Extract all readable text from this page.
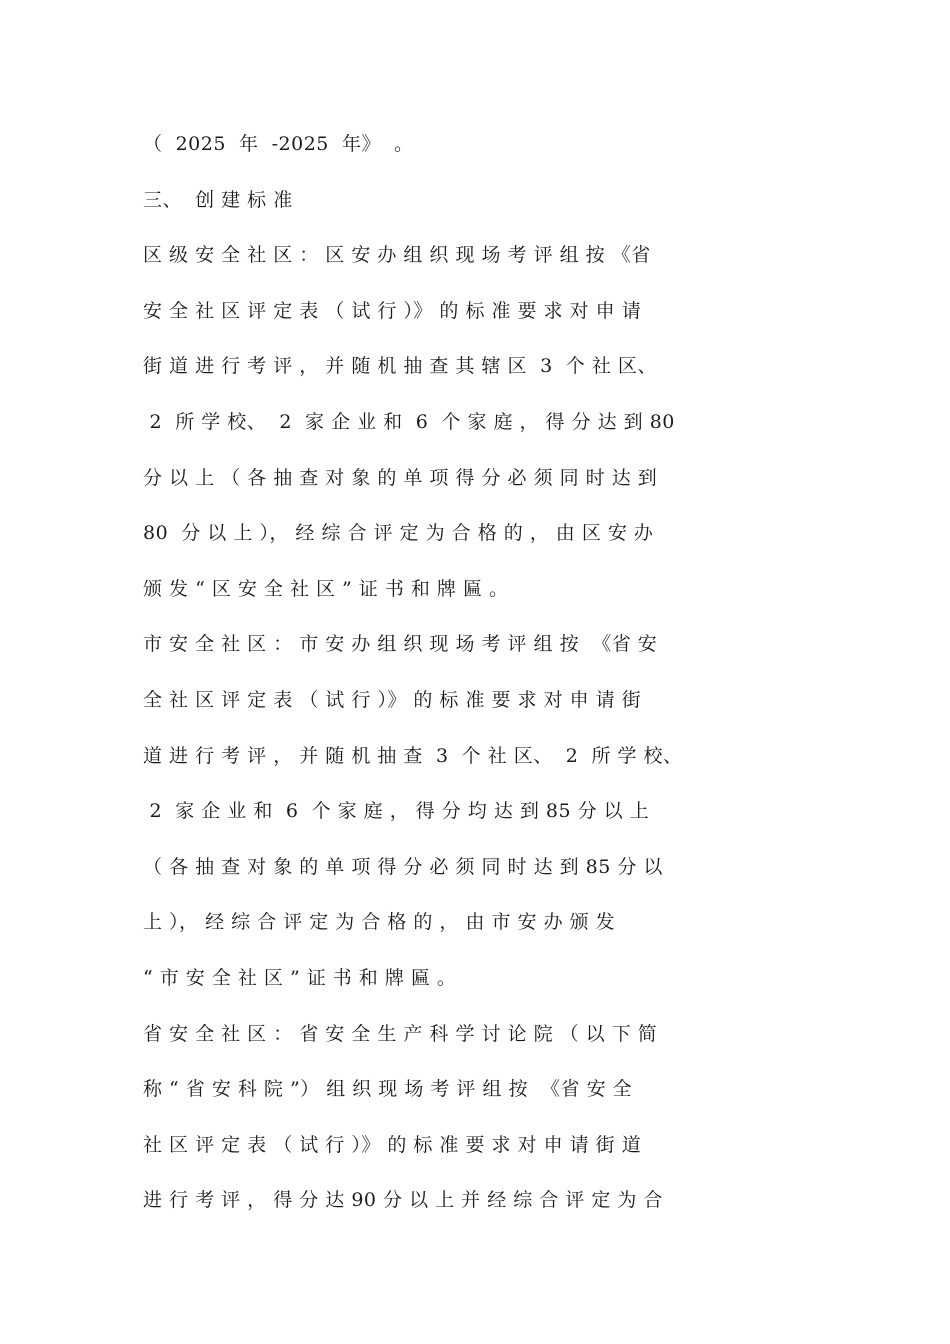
（  2025  年  -2025  年》  。

三、  创 建 标 准

区 级 安 全 社 区 ： 区 安 办 组 织 现 场 考 评 组 按 《省

安 全 社 区 评 定 表 （ 试 行 ）》 的 标 准 要 求 对 申 请

街 道 进 行 考 评 ， 并 随 机 抽 查 其 辖 区  3  个 社 区、

2  所 学 校、  2  家 企 业 和  6  个 家 庭 ， 得 分 达 到 80

分 以 上 （ 各 抽 查 对 象 的 单 项 得 分 必 须 同 时 达 到

80  分 以 上 ）， 经 综 合 评 定 为 合 格 的 ， 由 区 安 办

颁 发 “ 区 安 全 社 区 ” 证 书 和 牌 匾 。

市 安 全 社 区 ： 市 安 办 组 织 现 场 考 评 组 按  《省 安

全 社 区 评 定 表 （ 试 行 ）》 的 标 准 要 求 对 申 请 街

道 进 行 考 评 ， 并 随 机 抽 查  3  个 社 区、  2  所 学 校、

2  家 企 业 和  6  个 家 庭 ， 得 分 均 达 到 85 分 以 上

（ 各 抽 查 对 象 的 单 项 得 分 必 须 同 时 达 到 85 分 以

上 ）， 经 综 合 评 定 为 合 格 的 ， 由 市 安 办 颁 发

“ 市 安 全 社 区 ” 证 书 和 牌 匾 。

省 安 全 社 区 ： 省 安 全 生 产 科 学 讨 论 院 （ 以 下 简

称 “ 省 安 科 院 ”） 组 织 现 场 考 评 组 按  《省 安 全

社 区 评 定 表 （ 试 行 ）》 的 标 准 要 求 对 申 请 街 道

进 行 考 评 ， 得 分 达 90 分 以 上 并 经 综 合 评 定 为 合
